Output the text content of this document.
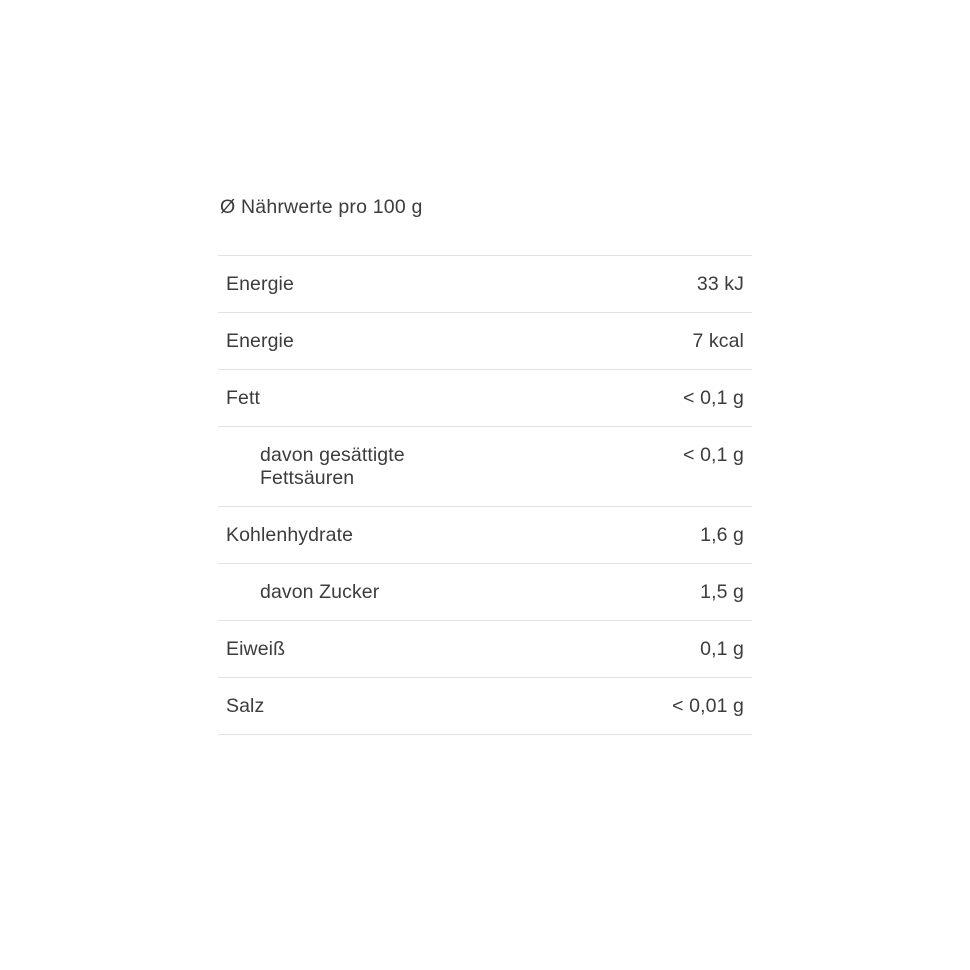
Ø Nährwerte pro 100 g
Energie	33 kJ
Energie	7 kcal
Fett	< 0,1 g
davon gesättigte Fettsäuren	< 0,1 g
Kohlenhydrate	1,6 g
davon Zucker	1,5 g
Eiweiß	0,1 g
Salz	< 0,01 g
